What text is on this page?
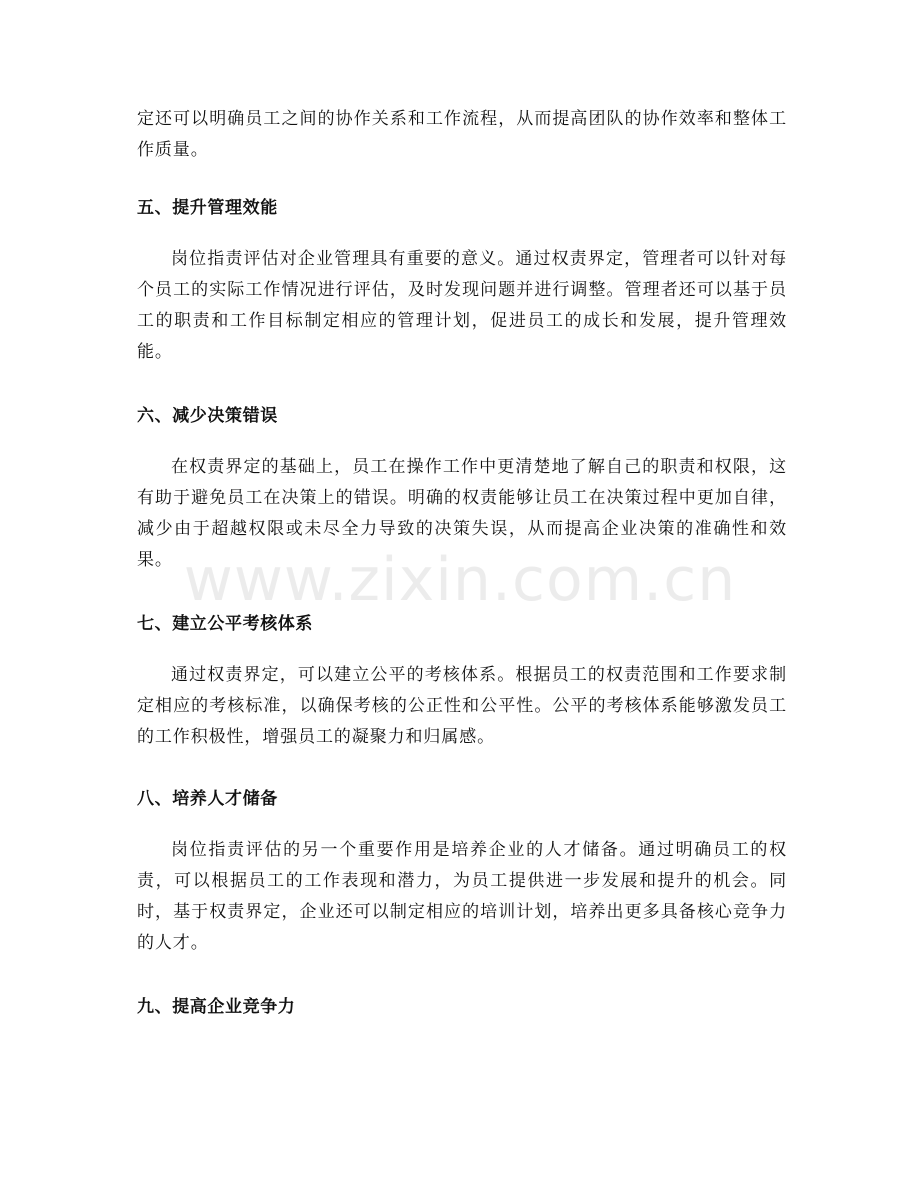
定还可以明确员工之间的协作关系和工作流程，从而提高团队的协作效率和整体工作质量。

五、提升管理效能

岗位指责评估对企业管理具有重要的意义。通过权责界定，管理者可以针对每个员工的实际工作情况进行评估，及时发现问题并进行调整。管理者还可以基于员工的职责和工作目标制定相应的管理计划，促进员工的成长和发展，提升管理效能。

六、减少决策错误

在权责界定的基础上，员工在操作工作中更清楚地了解自己的职责和权限，这有助于避免员工在决策上的错误。明确的权责能够让员工在决策过程中更加自律，减少由于超越权限或未尽全力导致的决策失误，从而提高企业决策的准确性和效果。

七、建立公平考核体系

通过权责界定，可以建立公平的考核体系。根据员工的权责范围和工作要求制定相应的考核标准，以确保考核的公正性和公平性。公平的考核体系能够激发员工的工作积极性，增强员工的凝聚力和归属感。

八、培养人才储备

岗位指责评估的另一个重要作用是培养企业的人才储备。通过明确员工的权责，可以根据员工的工作表现和潜力，为员工提供进一步发展和提升的机会。同时，基于权责界定，企业还可以制定相应的培训计划，培养出更多具备核心竞争力的人才。

九、提高企业竞争力
www.zixin.com.cn
